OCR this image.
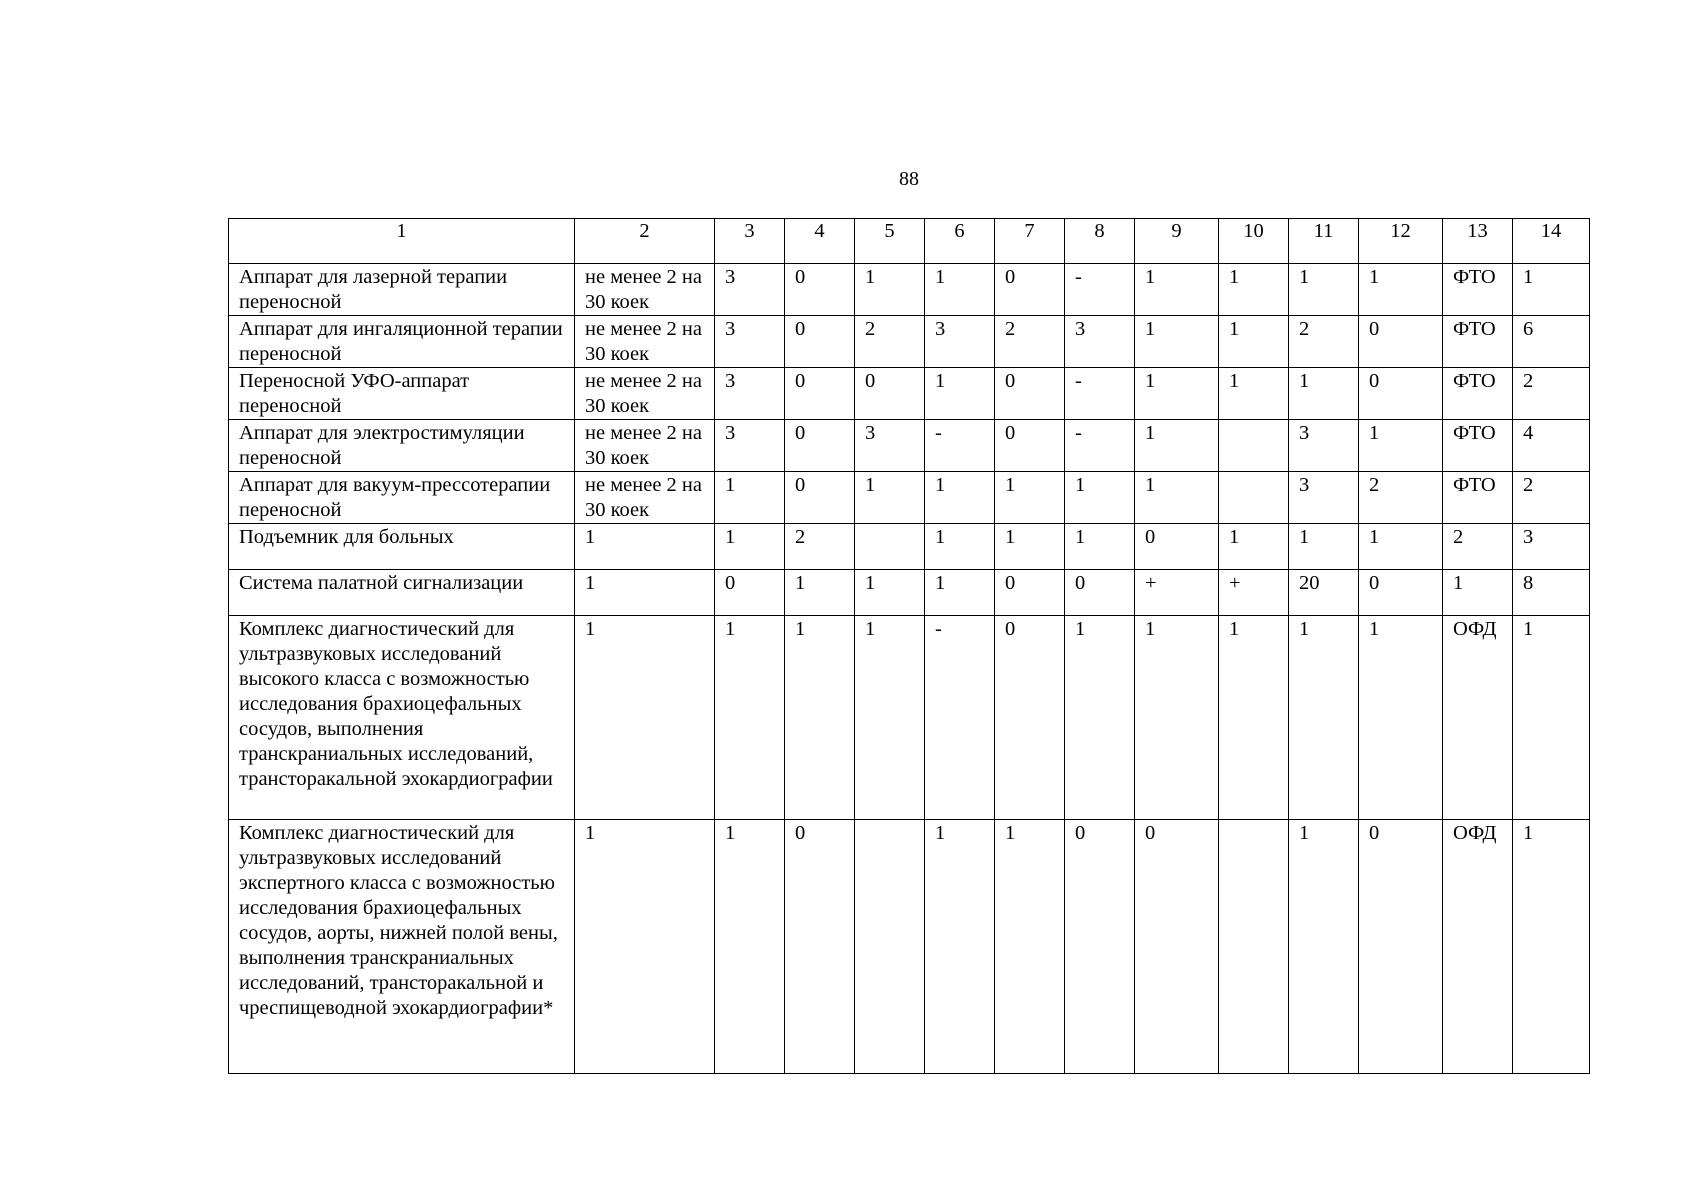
88
1	2	3	4	5	6	7	8	9	10	11	12	13	14
Аппарат для лазерной терапии переносной	не менее 2 на 30 коек	3	0	1	1	0	-	1	1	1	1	ФТО	1
Аппарат для ингаляционной терапии переносной	не менее 2 на 30 коек	3	0	2	3	2	3	1	1	2	0	ФТО	6
Переносной УФО-аппарат переносной	не менее 2 на 30 коек	3	0	0	1	0	-	1	1	1	0	ФТО	2
Аппарат для электростимуляции переносной	не менее 2 на 30 коек	3	0	3	-	0	-	1		3	1	ФТО	4
Аппарат для вакуум-прессотерапии переносной	не менее 2 на 30 коек	1	0	1	1	1	1	1		3	2	ФТО	2
Подъемник для больных	1	1	2		1	1	1	0	1	1	1	2	3
Система палатной сигнализации	1	0	1	1	1	0	0	+	+	20	0	1	8
Комплекс диагностический для ультразвуковых исследований высокого класса с возможностью исследования брахиоцефальных сосудов, выполнения транскраниальных исследований, трансторакальной эхокардиографии	1	1	1	1	-	0	1	1	1	1	1	ОФД	1
Комплекс диагностический для ультразвуковых исследований экспертного класса с возможностью исследования брахиоцефальных сосудов, аорты, нижней полой вены, выполнения транскраниальных исследований, трансторакальной и чреспищеводной эхокардиографии*	1	1	0		1	1	0	0		1	0	ОФД	1
